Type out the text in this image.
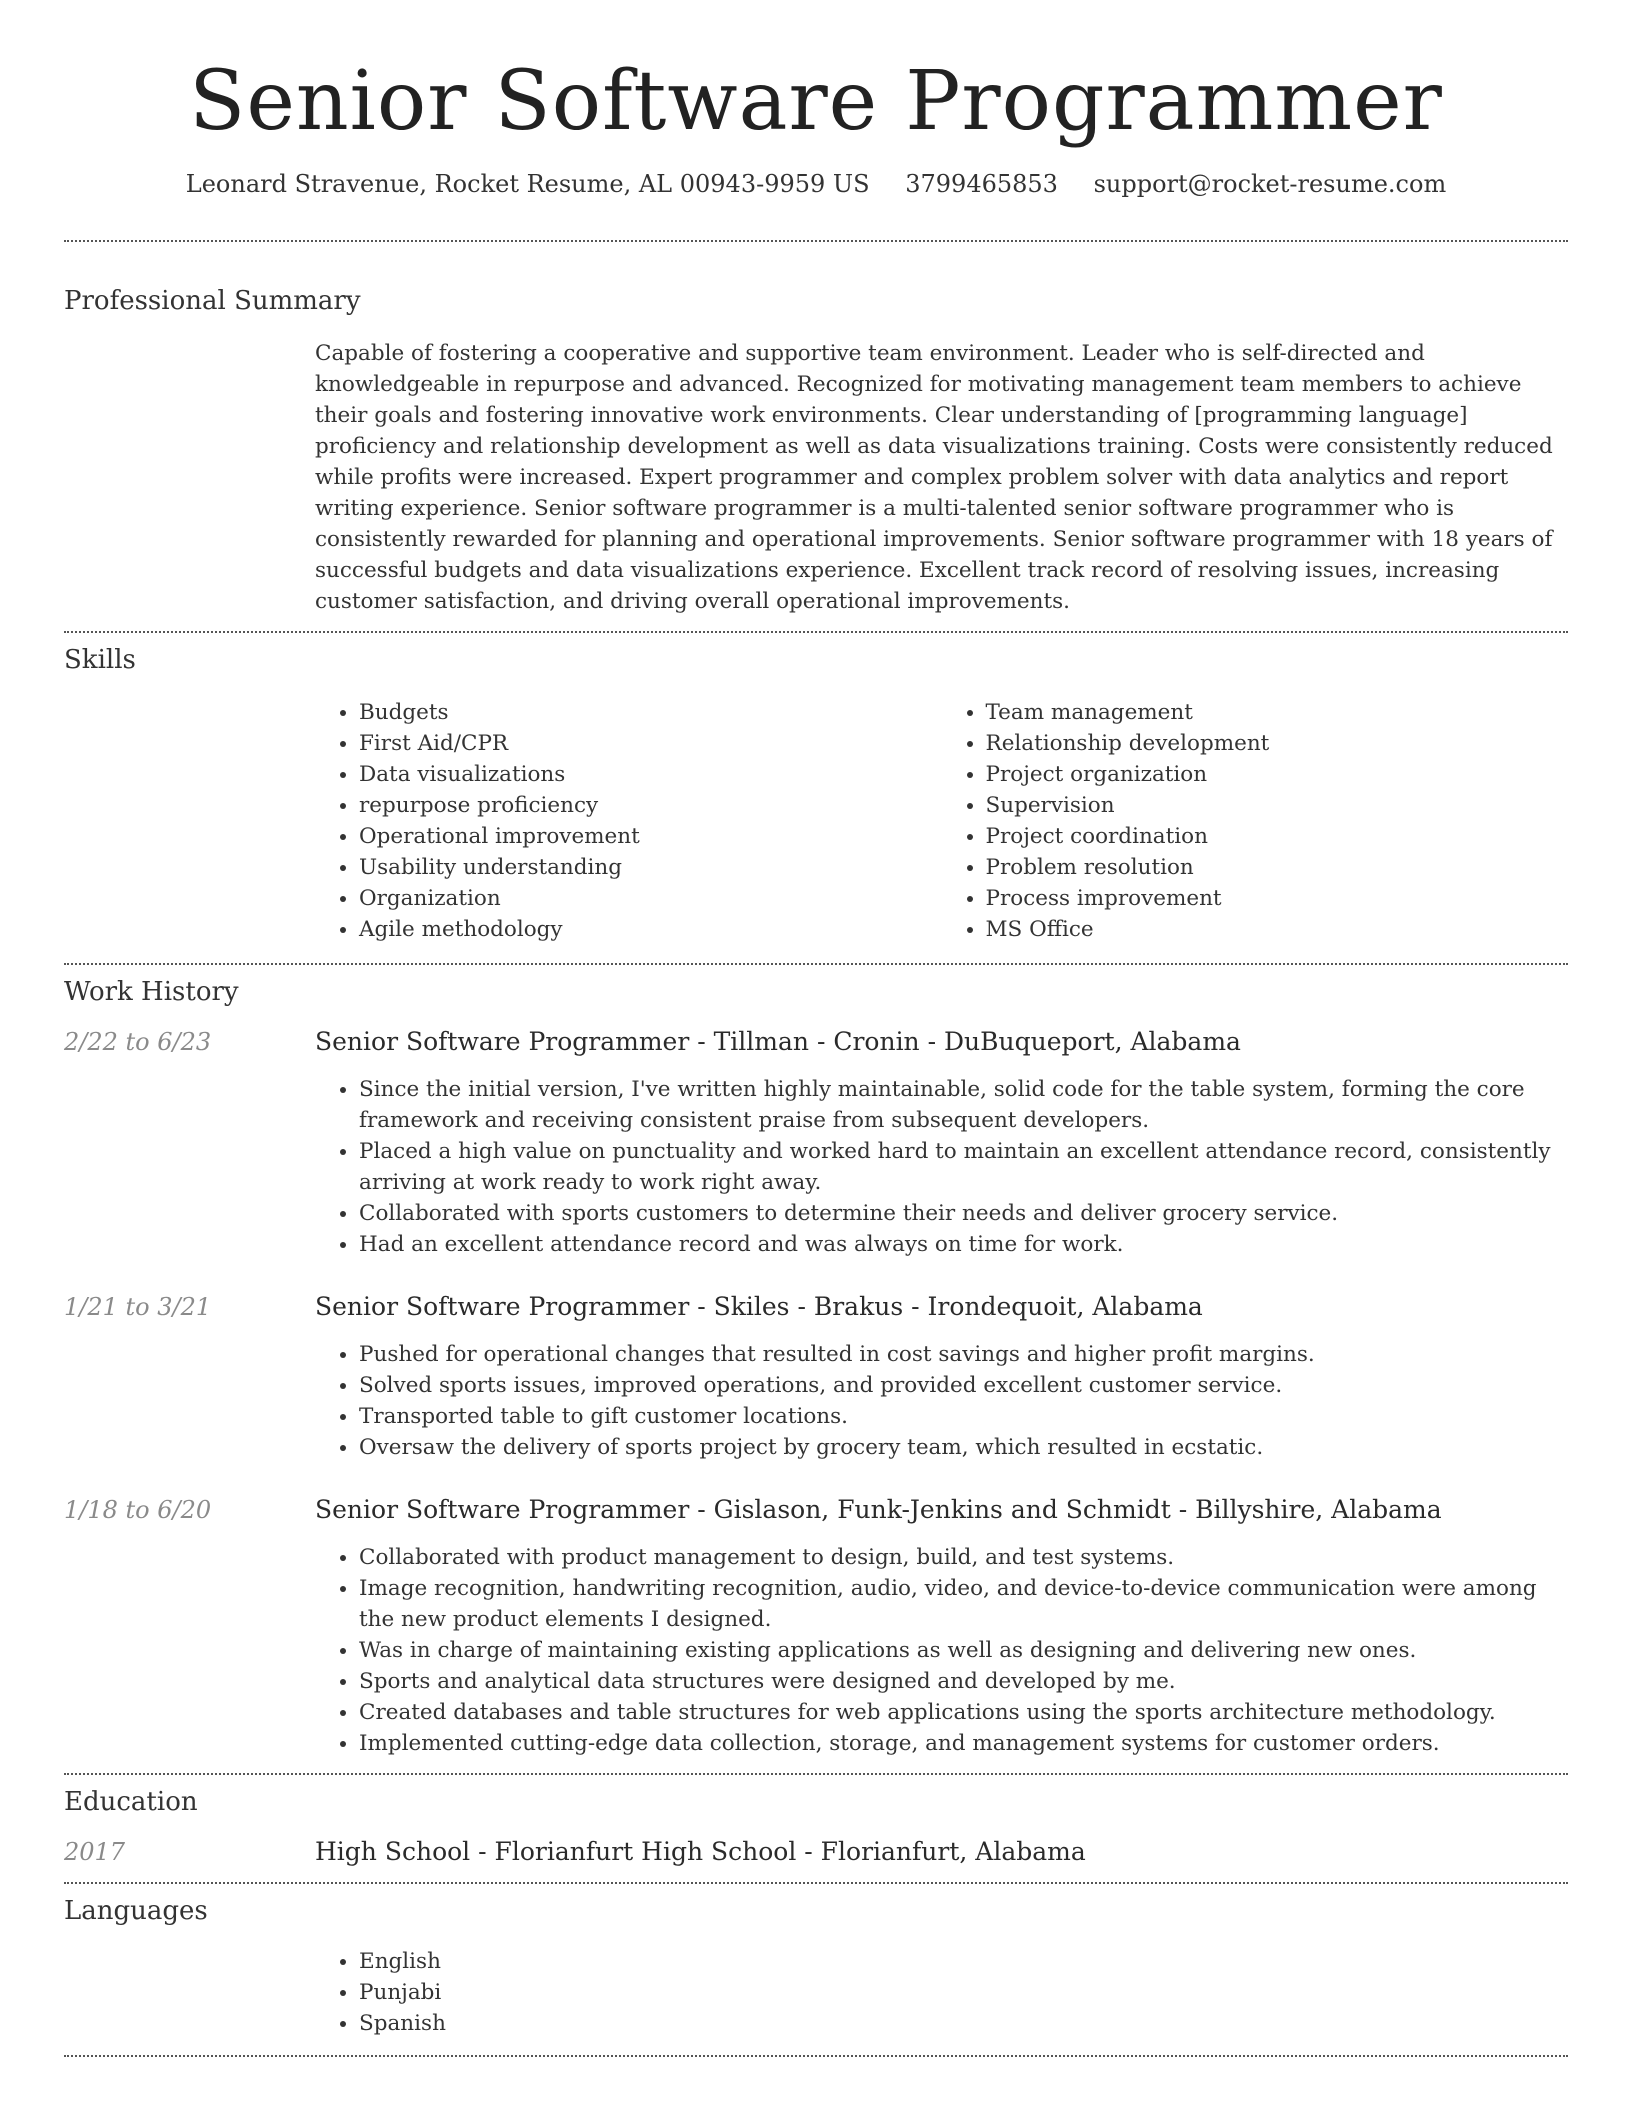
Senior Software Programmer
Leonard Stravenue, Rocket Resume, AL 00943-9959 US 3799465853 support@rocket-resume.com
Professional Summary

Capable of fostering a cooperative and supportive team environment. Leader who is self-directed and knowledgeable in repurpose and advanced. Recognized for motivating management team members to achieve their goals and fostering innovative work environments. Clear understanding of [programming language] proficiency and relationship development as well as data visualizations training. Costs were consistently reduced while profits were increased. Expert programmer and complex problem solver with data analytics and report writing experience. Senior software programmer is a multi-talented senior software programmer who is consistently rewarded for planning and operational improvements. Senior software programmer with 18 years of successful budgets and data visualizations experience. Excellent track record of resolving issues, increasing customer satisfaction, and driving overall operational improvements.

Skills
• Budgets
• First Aid/CPR
• Data visualizations
• repurpose proficiency
• Operational improvement
• Usability understanding
• Organization
• Agile methodology
• Team management
• Relationship development
• Project organization
• Supervision
• Project coordination
• Problem resolution
• Process improvement
• MS Office
Work History
2/22 to 6/23	Senior Software Programmer - Tillman - Cronin - DuBuqueport, Alabama
• Since the initial version, I've written highly maintainable, solid code for the table system, forming the core framework and receiving consistent praise from subsequent developers.
• Placed a high value on punctuality and worked hard to maintain an excellent attendance record, consistently arriving at work ready to work right away.
• Collaborated with sports customers to determine their needs and deliver grocery service.
• Had an excellent attendance record and was always on time for work.
1/21 to 3/21	Senior Software Programmer - Skiles - Brakus - Irondequoit, Alabama
• Pushed for operational changes that resulted in cost savings and higher profit margins.
• Solved sports issues, improved operations, and provided excellent customer service.
• Transported table to gift customer locations.
• Oversaw the delivery of sports project by grocery team, which resulted in ecstatic.
1/18 to 6/20	Senior Software Programmer - Gislason, Funk-Jenkins and Schmidt - Billyshire, Alabama
• Collaborated with product management to design, build, and test systems.
• Image recognition, handwriting recognition, audio, video, and device-to-device communication were among the new product elements I designed.
• Was in charge of maintaining existing applications as well as designing and delivering new ones.
• Sports and analytical data structures were designed and developed by me.
• Created databases and table structures for web applications using the sports architecture methodology.
• Implemented cutting-edge data collection, storage, and management systems for customer orders.
Education
2017	High School - Florianfurt High School - Florianfurt, Alabama
Languages
• English
• Punjabi
• Spanish
